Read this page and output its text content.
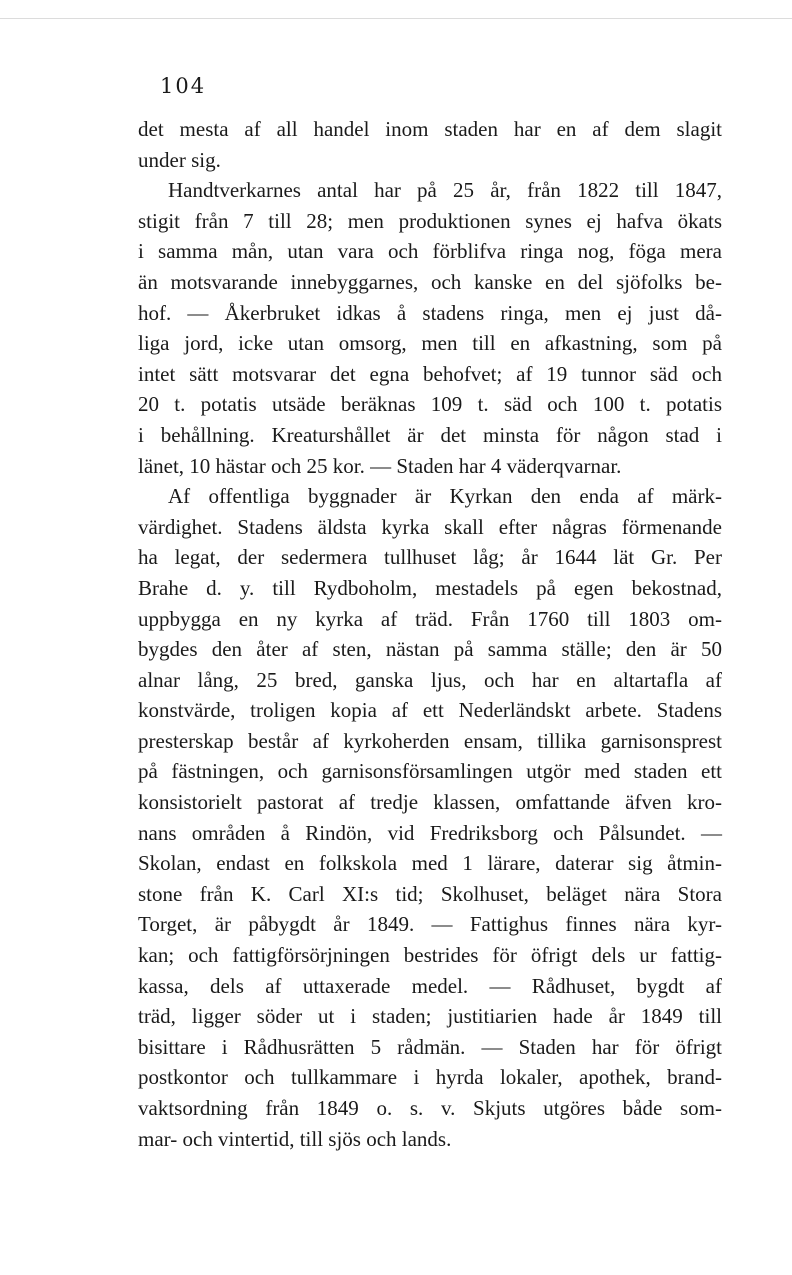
104
det mesta af all handel inom staden har en af dem slagit
under sig.
Handtverkarnes antal har på 25 år, från 1822 till 1847,
stigit från 7 till 28; men produktionen synes ej hafva ökats
i samma mån, utan vara och förblifva ringa nog, föga mera
än motsvarande innebyggarnes, och kanske en del sjöfolks be-
hof. — Åkerbruket idkas å stadens ringa, men ej just då-
liga jord, icke utan omsorg, men till en afkastning, som på
intet sätt motsvarar det egna behofvet; af 19 tunnor säd och
20 t. potatis utsäde beräknas 109 t. säd och 100 t. potatis
i behållning. Kreaturshållet är det minsta för någon stad i
länet, 10 hästar och 25 kor. — Staden har 4 väderqvarnar.
Af offentliga byggnader är Kyrkan den enda af märk-
värdighet. Stadens äldsta kyrka skall efter någras förmenande
ha legat, der sedermera tullhuset låg; år 1644 lät Gr. Per
Brahe d. y. till Rydboholm, mestadels på egen bekostnad,
uppbygga en ny kyrka af träd. Från 1760 till 1803 om-
bygdes den åter af sten, nästan på samma ställe; den är 50
alnar lång, 25 bred, ganska ljus, och har en altartafla af
konstvärde, troligen kopia af ett Nederländskt arbete. Stadens
presterskap består af kyrkoherden ensam, tillika garnisonsprest
på fästningen, och garnisonsförsamlingen utgör med staden ett
konsistorielt pastorat af tredje klassen, omfattande äfven kro-
nans områden å Rindön, vid Fredriksborg och Pålsundet. —
Skolan, endast en folkskola med 1 lärare, daterar sig åtmin-
stone från K. Carl XI:s tid; Skolhuset, beläget nära Stora
Torget, är påbygdt år 1849. — Fattighus finnes nära kyr-
kan; och fattigförsörjningen bestrides för öfrigt dels ur fattig-
kassa, dels af uttaxerade medel. — Rådhuset, bygdt af
träd, ligger söder ut i staden; justitiarien hade år 1849 till
bisittare i Rådhusrätten 5 rådmän. — Staden har för öfrigt
postkontor och tullkammare i hyrda lokaler, apothek, brand-
vaktsordning från 1849 o. s. v. Skjuts utgöres både som-
mar- och vintertid, till sjös och lands.
